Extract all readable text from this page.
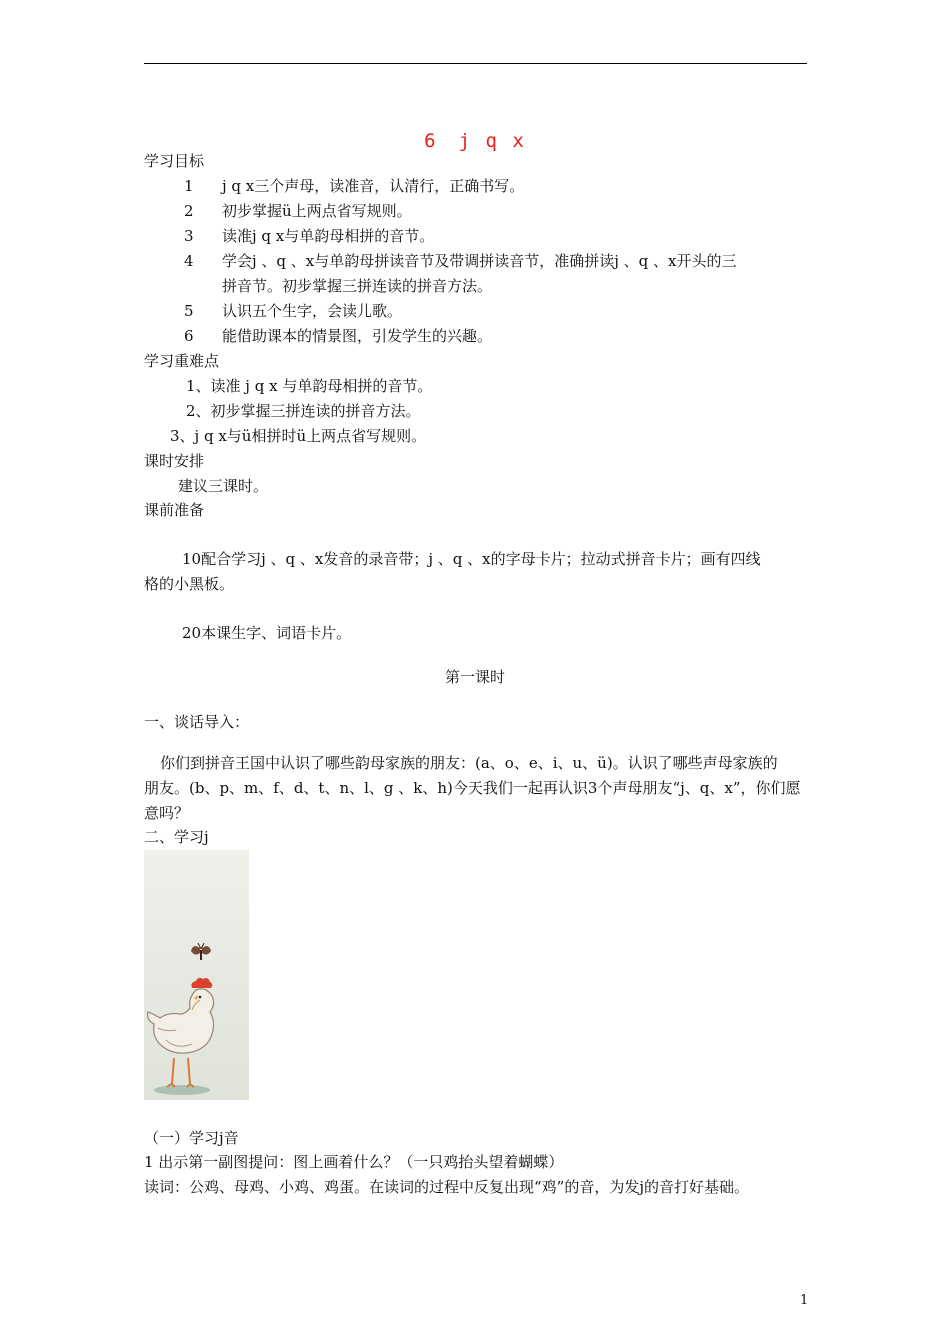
6　j q x
学习目标
1 j q x三个声母，读准音，认清行，正确书写。
2 初步掌握ü上两点省写规则。
3 读准j q x与单韵母相拼的音节。
4 学会j 、q 、x与单韵母拼读音节及带调拼读音节，准确拼读j 、q 、x开头的三
拼音节。初步掌握三拼连读的拼音方法。
5 认识五个生字，会读儿歌。
6 能借助课本的情景图，引发学生的兴趣。
学习重难点
1、读准 j q x 与单韵母相拼的音节。
2、初步掌握三拼连读的拼音方法。
3、j q x与ü相拼时ü上两点省写规则。
课时安排
建议三课时。
课前准备
10配合学习j 、q 、x发音的录音带；j 、q 、x的字母卡片；拉动式拼音卡片；画有四线
格的小黑板。
20本课生字、词语卡片。
第一课时
一、谈话导入：
你们到拼音王国中认识了哪些韵母家族的朋友：(a、o、e、i、u、ü)。认识了哪些声母家族的
朋友。(b、p、m、f、d、t、n、l、g 、k、h)今天我们一起再认识3个声母朋友“j、q、x”，你们愿
意吗？
二、学习j
（一）学习j音
1 出示第一副图提问：图上画着什么？（一只鸡抬头望着蝴蝶）
读词：公鸡、母鸡、小鸡、鸡蛋。在读词的过程中反复出现“鸡”的音，为发j的音打好基础。
1
